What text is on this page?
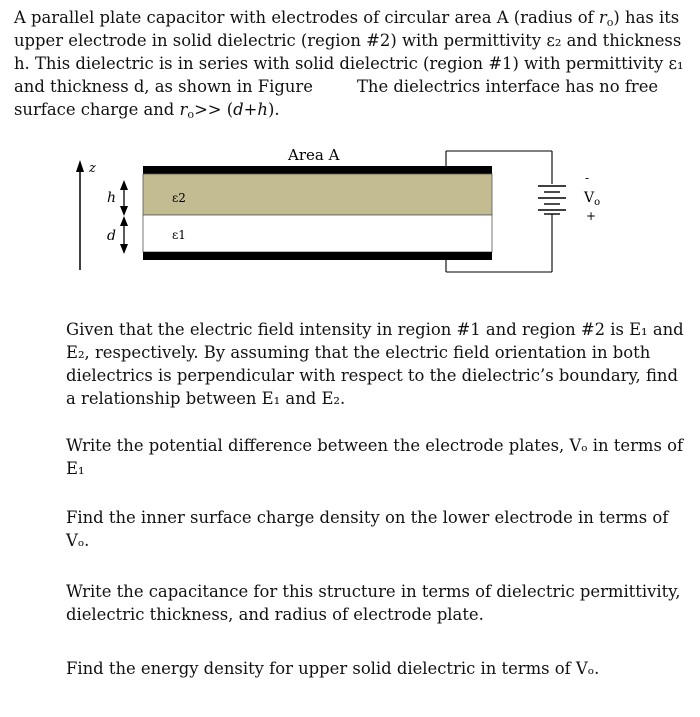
A parallel plate capacitor with electrodes of circular area A (radius of $r_o$) has its upper electrode in solid dielectric (region #2) with permittivity ε₂ and thickness h. This dielectric is in series with solid dielectric (region #1) with permittivity ε₁ and thickness d, as shown in Figure	The dielectrics interface has no free surface charge and $r_o>> (d+h)$.

z
h
d
Area A
ε2
ε1
-
$V_o$
+

Given that the electric field intensity in region #1 and region #2 is E₁ and E₂, respectively. By assuming that the electric field orientation in both dielectrics is perpendicular with respect to the dielectric’s boundary, find a relationship between E₁ and E₂.

Write the potential difference between the electrode plates, Vₒ in terms of E₁

Find the inner surface charge density on the lower electrode in terms of Vₒ.

Write the capacitance for this structure in terms of dielectric permittivity, dielectric thickness, and radius of electrode plate.

Find the energy density for upper solid dielectric in terms of Vₒ.
